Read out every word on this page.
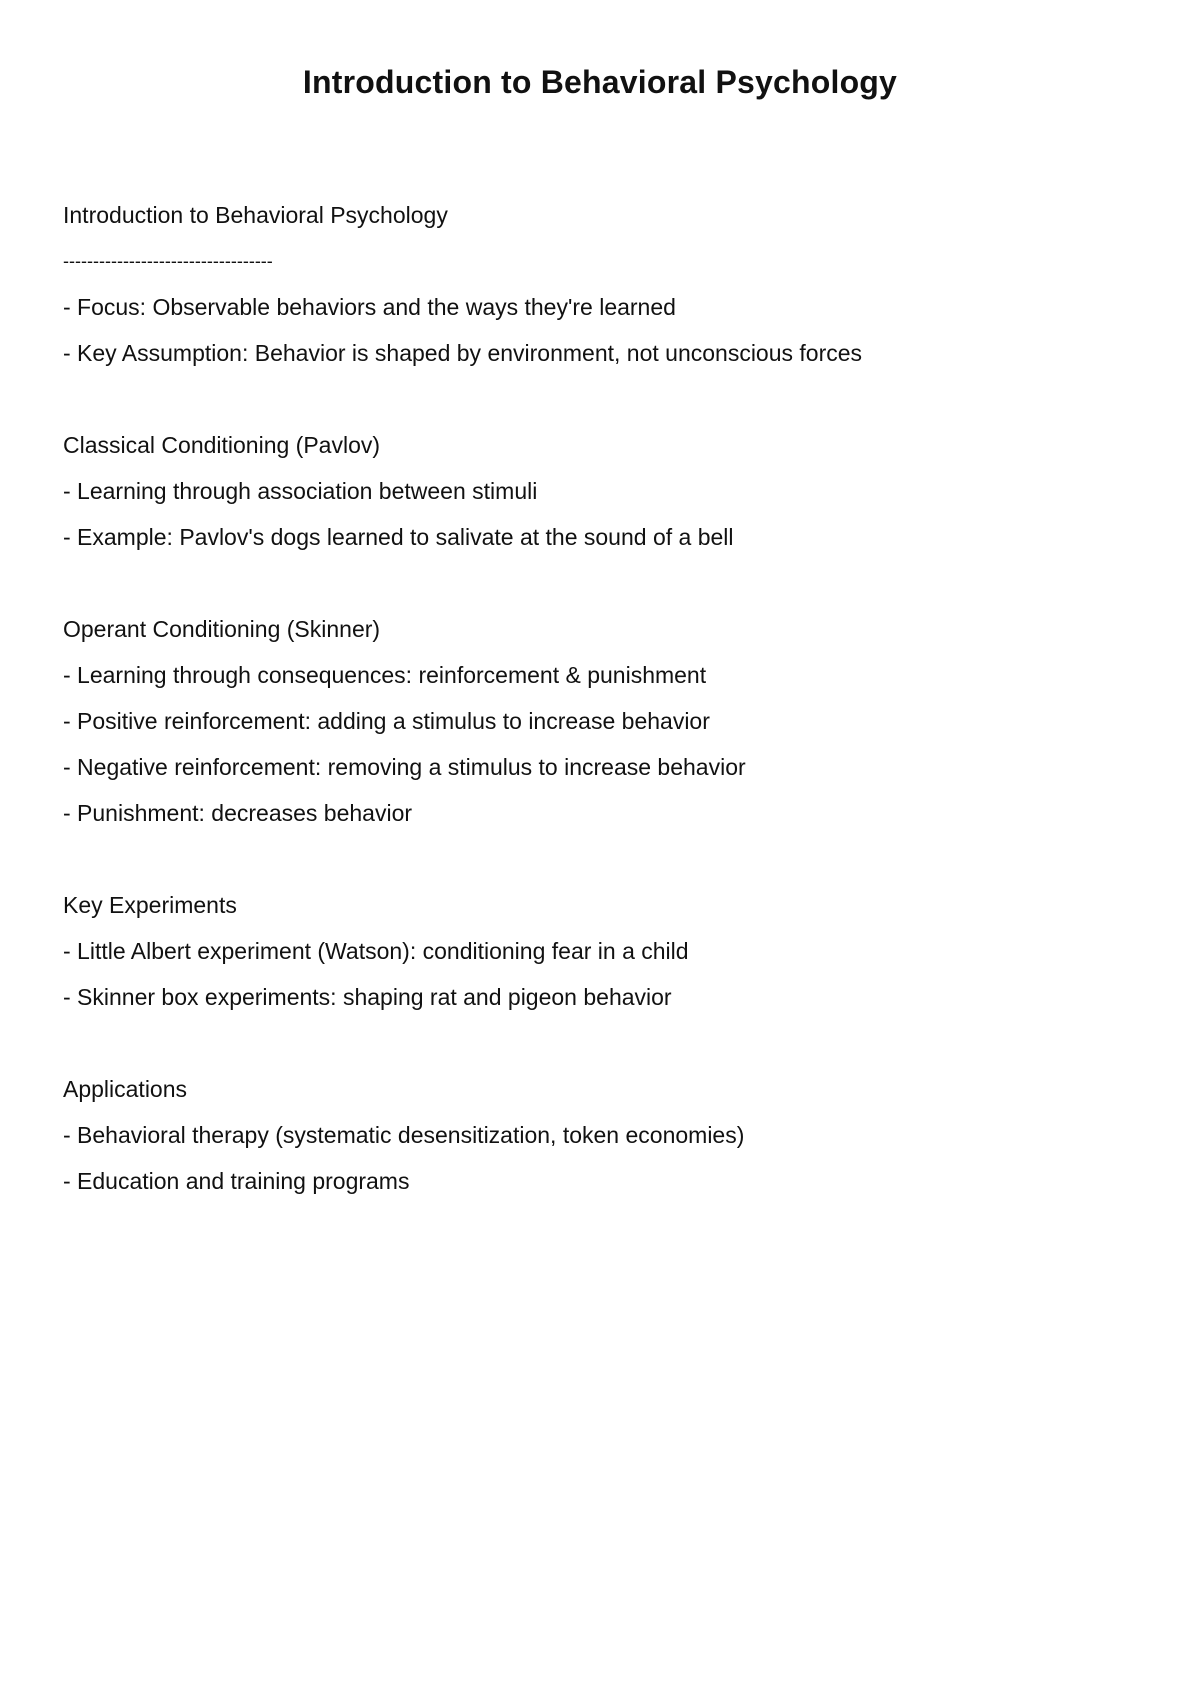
Introduction to Behavioral Psychology
Introduction to Behavioral Psychology
-----------------------------------
- Focus: Observable behaviors and the ways they're learned
- Key Assumption: Behavior is shaped by environment, not unconscious forces
Classical Conditioning (Pavlov)
- Learning through association between stimuli
- Example: Pavlov's dogs learned to salivate at the sound of a bell
Operant Conditioning (Skinner)
- Learning through consequences: reinforcement & punishment
- Positive reinforcement: adding a stimulus to increase behavior
- Negative reinforcement: removing a stimulus to increase behavior
- Punishment: decreases behavior
Key Experiments
- Little Albert experiment (Watson): conditioning fear in a child
- Skinner box experiments: shaping rat and pigeon behavior
Applications
- Behavioral therapy (systematic desensitization, token economies)
- Education and training programs
